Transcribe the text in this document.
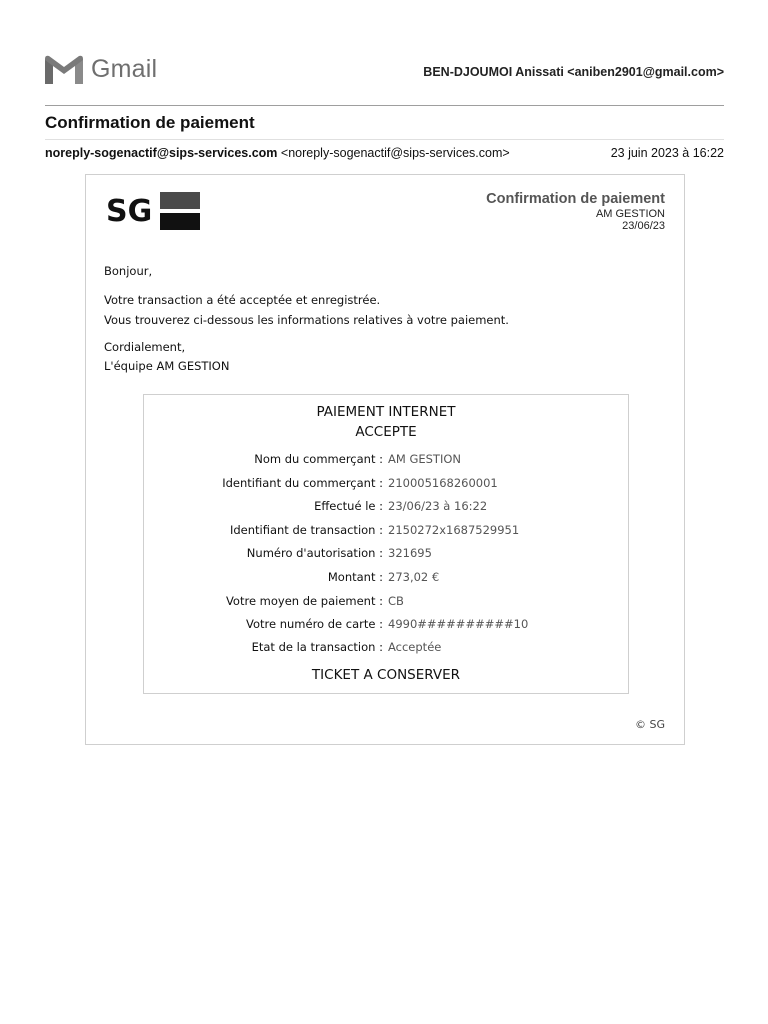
Gmail	BEN-DJOUMOI Anissati <aniben2901@gmail.com>
Confirmation de paiement
noreply-sogenactif@sips-services.com <noreply-sogenactif@sips-services.com>	23 juin 2023 à 16:22
SG	Confirmation de paiement
AM GESTION
23/06/23
Bonjour,
Votre transaction a été acceptée et enregistrée.
Vous trouverez ci-dessous les informations relatives à votre paiement.
Cordialement,
L'équipe AM GESTION
PAIEMENT INTERNET
ACCEPTE
Nom du commerçant : AM GESTION
Identifiant du commerçant : 210005168260001
Effectué le : 23/06/23 à 16:22
Identifiant de transaction : 2150272x1687529951
Numéro d'autorisation : 321695
Montant : 273,02 €
Votre moyen de paiement : CB
Votre numéro de carte : 4990##########10
Etat de la transaction : Acceptée
TICKET A CONSERVER
© SG
